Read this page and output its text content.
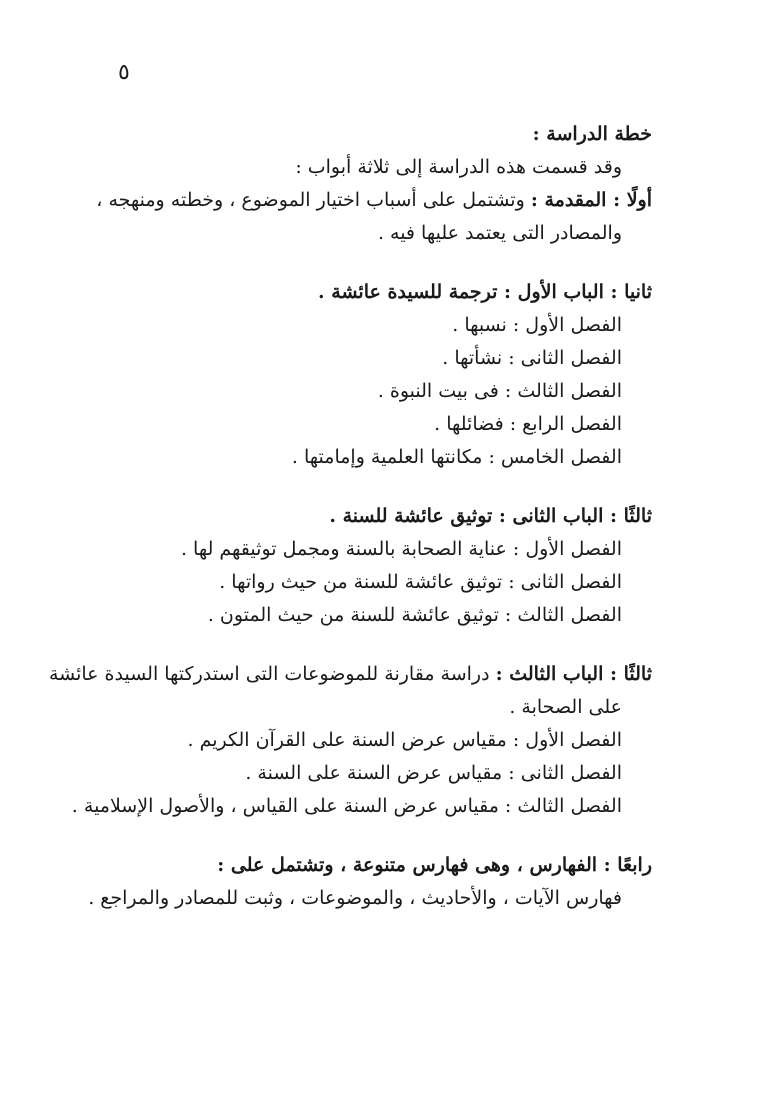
٥
خطة الدراسة :
وقد قسمت هذه الدراسة إلى ثلاثة أبواب :
أولًا : المقدمة : وتشتمل على أسباب اختيار الموضوع ، وخطته ومنهجه ،
والمصادر التى يعتمد عليها فيه .
ثانيا : الباب الأول : ترجمة للسيدة عائشة .
الفصل الأول : نسبها .
الفصل الثانى : نشأتها .
الفصل الثالث : فى بيت النبوة .
الفصل الرابع : فضائلها .
الفصل الخامس : مكانتها العلمية وإمامتها .
ثالثًا : الباب الثانى : توثيق عائشة للسنة .
الفصل الأول : عناية الصحابة بالسنة ومجمل توثيقهم لها .
الفصل الثانى : توثيق عائشة للسنة من حيث رواتها .
الفصل الثالث : توثيق عائشة للسنة من حيث المتون .
ثالثًا : الباب الثالث : دراسة مقارنة للموضوعات التى استدركتها السيدة عائشة
على الصحابة .
الفصل الأول : مقياس عرض السنة على القرآن الكريم .
الفصل الثانى : مقياس عرض السنة على السنة .
الفصل الثالث : مقياس عرض السنة على القياس ، والأصول الإسلامية .
رابعًا : الفهارس ، وهى فهارس متنوعة ، وتشتمل على :
فهارس الآيات ، والأحاديث ، والموضوعات ، وثبت للمصادر والمراجع .
